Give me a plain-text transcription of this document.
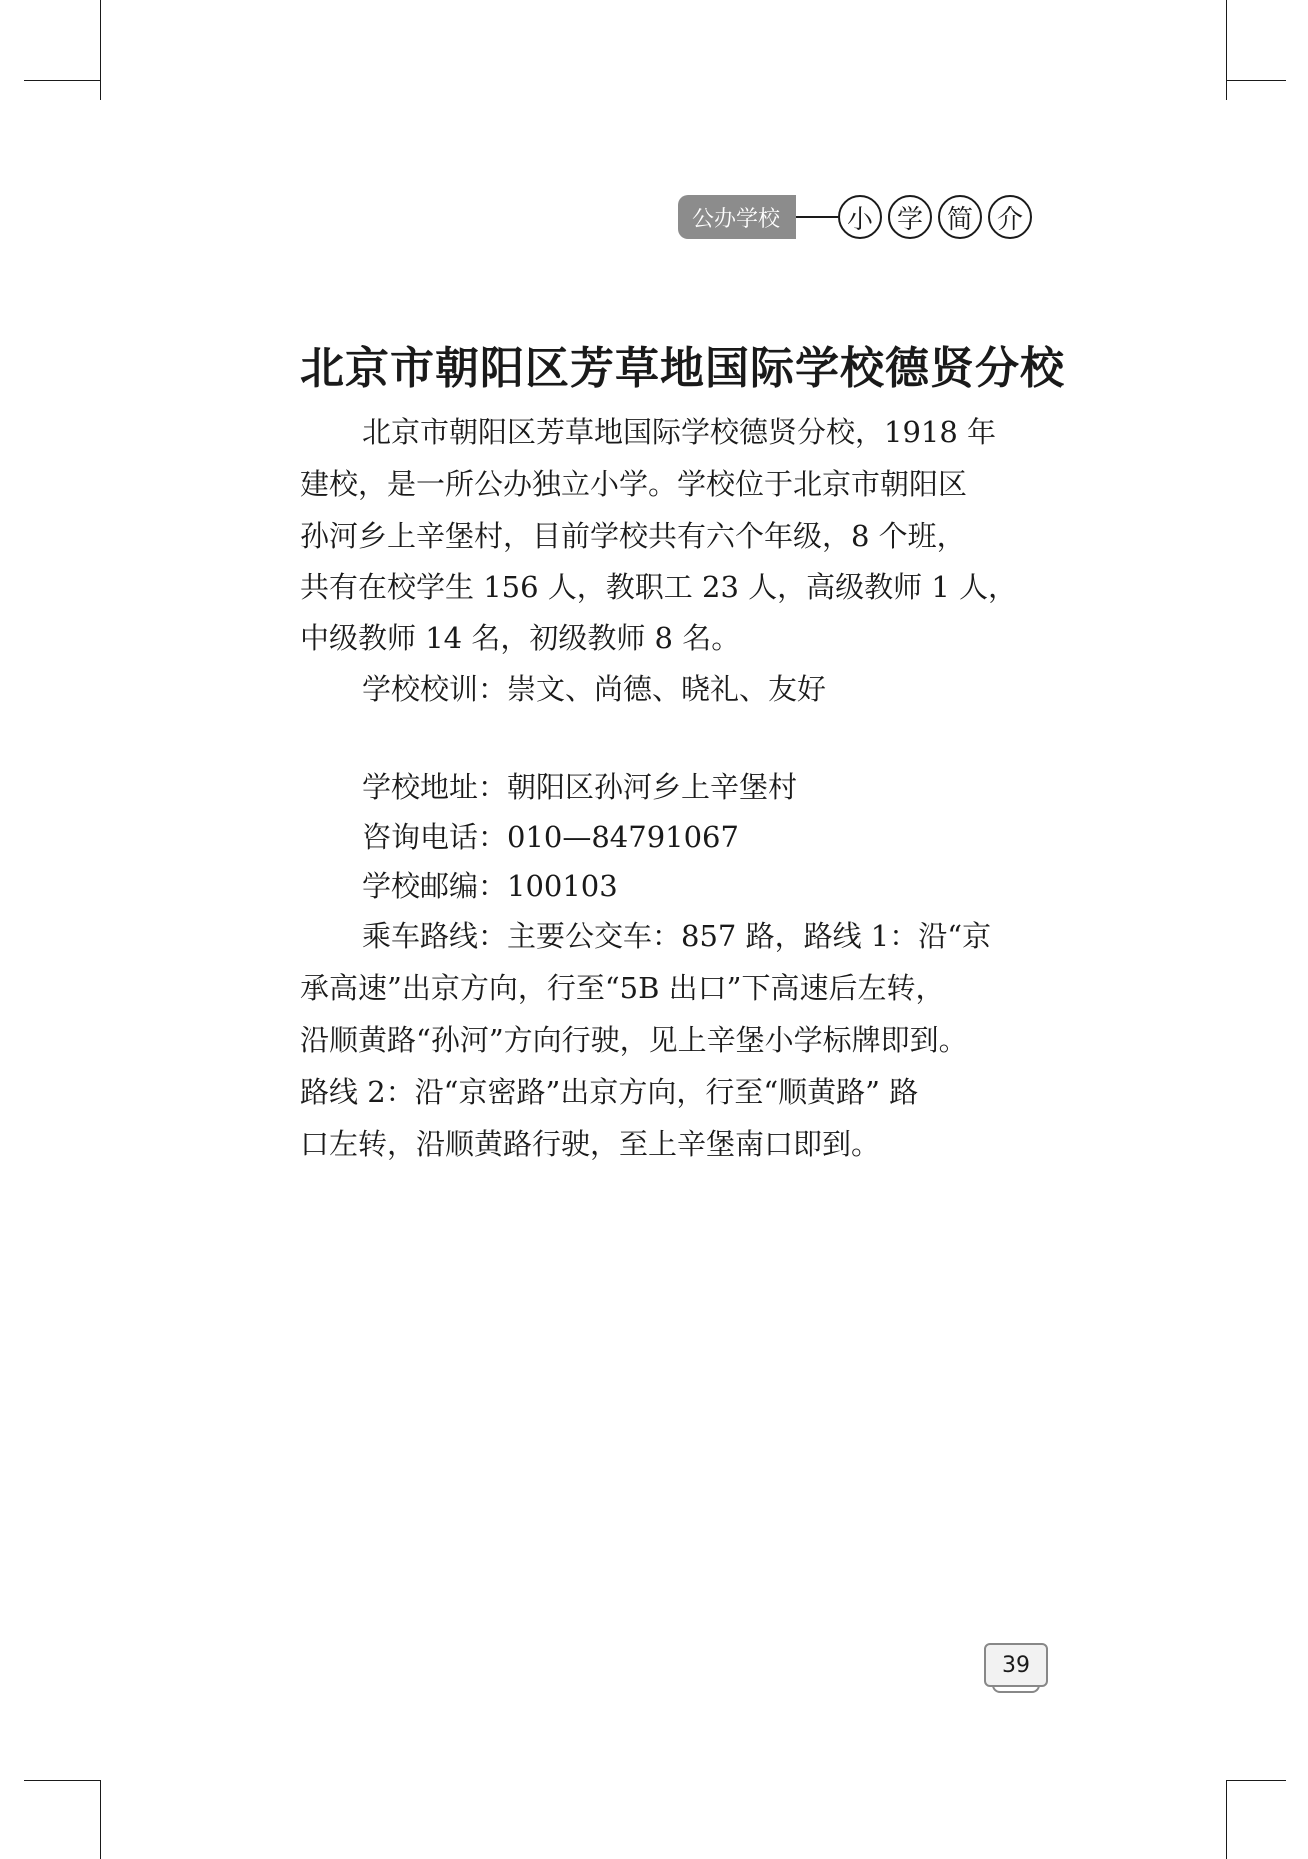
公办学校	小 学 简 介
北京市朝阳区芳草地国际学校德贤分校
北京市朝阳区芳草地国际学校德贤分校，1918 年
建校，是一所公办独立小学。学校位于北京市朝阳区
孙河乡上辛堡村，目前学校共有六个年级，8 个班，
共有在校学生 156 人，教职工 23 人，高级教师 1 人，
中级教师 14 名，初级教师 8 名。
学校校训：崇文、尚德、晓礼、友好
学校地址：朝阳区孙河乡上辛堡村
咨询电话：010—84791067
学校邮编：100103
乘车路线：主要公交车：857 路，路线 1：沿“京
承高速”出京方向，行至“5B 出口”下高速后左转，
沿顺黄路“孙河”方向行驶，见上辛堡小学标牌即到。
路线 2：沿“京密路”出京方向，行至“顺黄路” 路
口左转，沿顺黄路行驶，至上辛堡南口即到。
39
